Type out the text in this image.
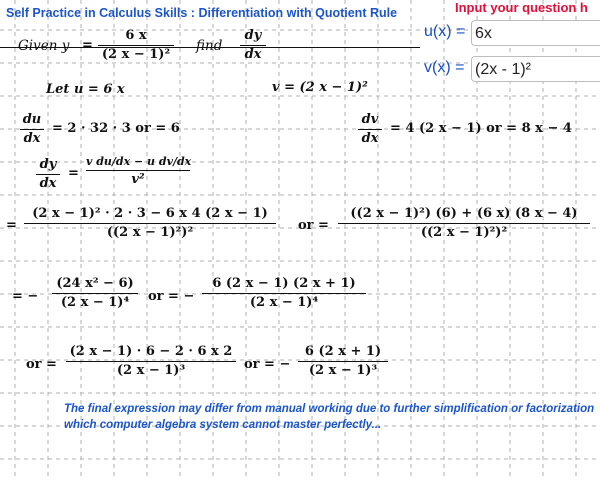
Self Practice in Calculus Skills : Differentiation with Quotient Rule	Input your question h
u(x) = 6x
v(x) = (2x - 1)²
Given y =
6 x
(2 x − 1)²
find
dy
dx
Let u = 6 x	v = (2 x − 1)²
du
dx
= 2 · 32 · 3 or = 6
dv
dx
= 4 (2 x − 1) or = 8 x − 4
dy
dx
=
v du/dx − u dv/dx
v²
=
(2 x − 1)² · 2 · 3 − 6 x 4 (2 x − 1)
((2 x − 1)²)²	or =
((2 x − 1)²) (6) + (6 x) (8 x − 4)
((2 x − 1)²)²
= −
(24 x² − 6)
(2 x − 1)⁴	or = −
6 (2 x − 1) (2 x + 1)
(2 x − 1)⁴
or =
(2 x − 1) · 6 − 2 · 6 x 2
(2 x − 1)³	or = −
6 (2 x + 1)
(2 x − 1)³
The final expression may differ from manual working due to further simplification or factorization
which computer algebra system cannot master perfectly...
